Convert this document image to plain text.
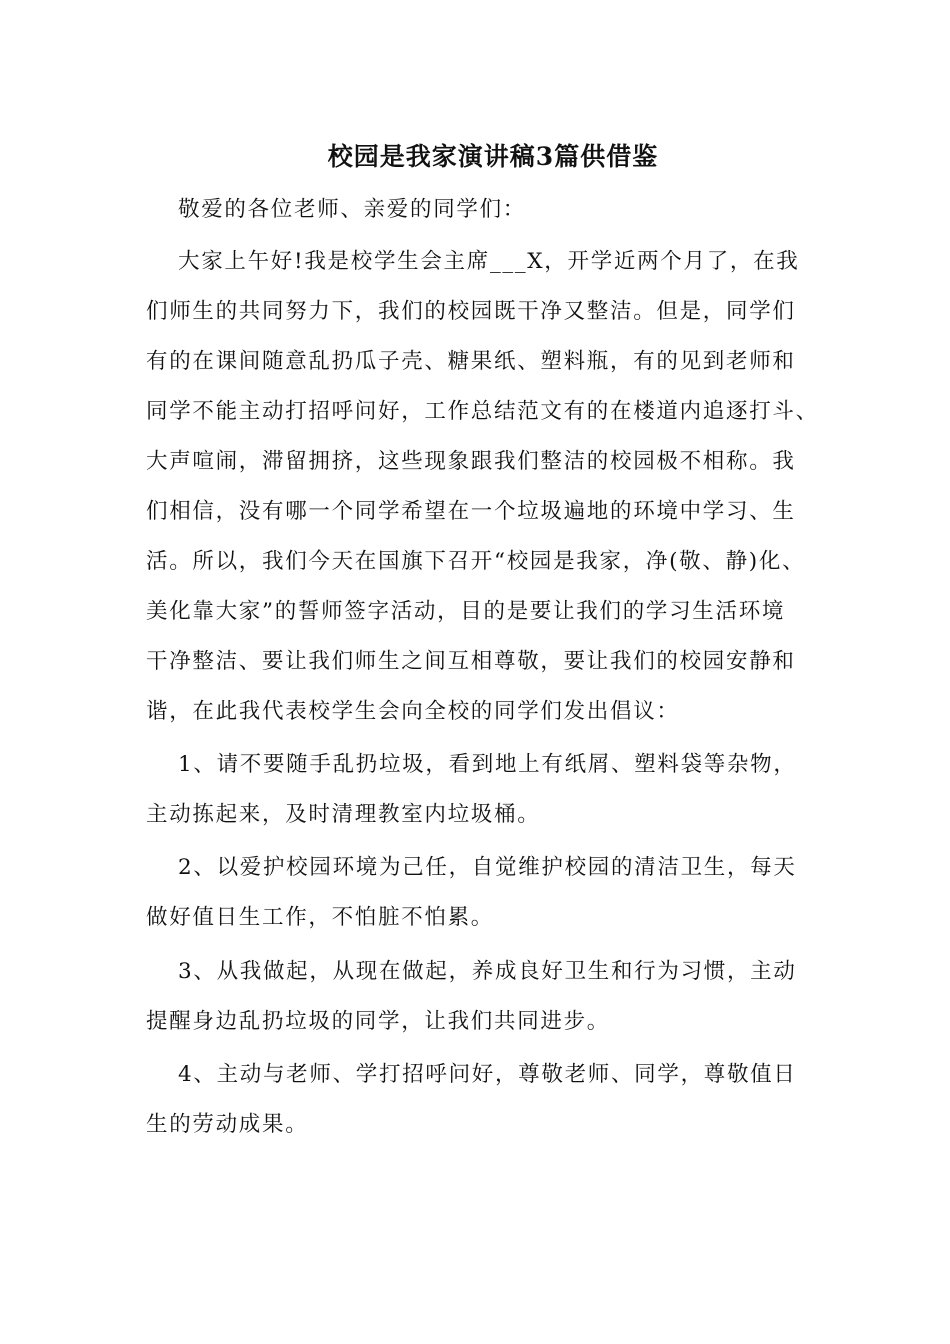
校园是我家演讲稿3篇供借鉴
敬爱的各位老师、亲爱的同学们：
大家上午好!我是校学生会主席___X，开学近两个月了，在我
们师生的共同努力下，我们的校园既干净又整洁。但是，同学们
有的在课间随意乱扔瓜子壳、糖果纸、塑料瓶，有的见到老师和
同学不能主动打招呼问好，工作总结范文有的在楼道内追逐打斗、
大声喧闹，滞留拥挤，这些现象跟我们整洁的校园极不相称。我
们相信，没有哪一个同学希望在一个垃圾遍地的环境中学习、生
活。所以，我们今天在国旗下召开“校园是我家，净(敬、静)化、
美化靠大家”的誓师签字活动，目的是要让我们的学习生活环境
干净整洁、要让我们师生之间互相尊敬，要让我们的校园安静和
谐，在此我代表校学生会向全校的同学们发出倡议：
1、请不要随手乱扔垃圾，看到地上有纸屑、塑料袋等杂物，
主动拣起来，及时清理教室内垃圾桶。
2、以爱护校园环境为己任，自觉维护校园的清洁卫生，每天
做好值日生工作，不怕脏不怕累。
3、从我做起，从现在做起，养成良好卫生和行为习惯，主动
提醒身边乱扔垃圾的同学，让我们共同进步。
4、主动与老师、学打招呼问好，尊敬老师、同学，尊敬值日
生的劳动成果。
